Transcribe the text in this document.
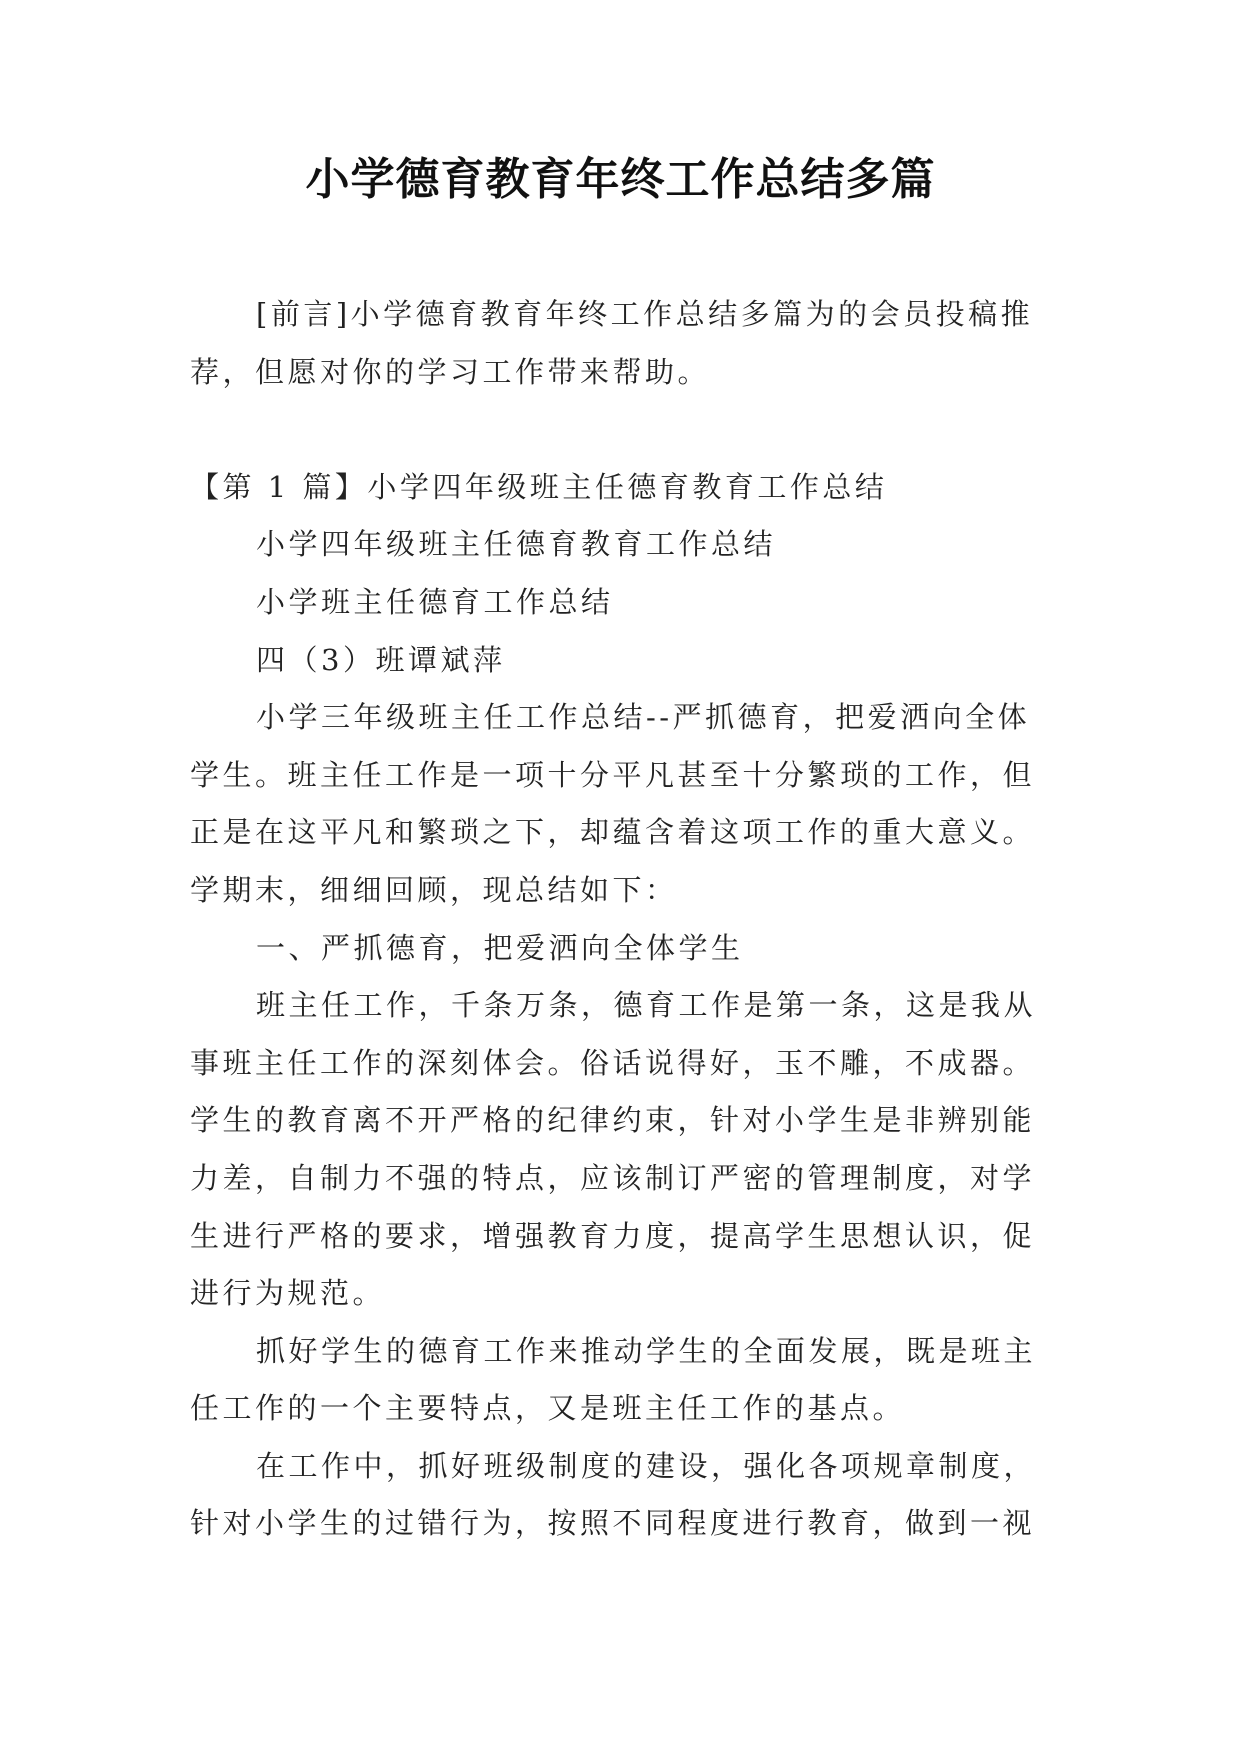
小学德育教育年终工作总结多篇

[前言]小学德育教育年终工作总结多篇为的会员投稿推荐，但愿对你的学习工作带来帮助。

【第 1 篇】小学四年级班主任德育教育工作总结

小学四年级班主任德育教育工作总结

小学班主任德育工作总结

四（3）班谭斌萍

小学三年级班主任工作总结--严抓德育，把爱洒向全体学生。班主任工作是一项十分平凡甚至十分繁琐的工作，但正是在这平凡和繁琐之下，却蕴含着这项工作的重大意义。学期末，细细回顾，现总结如下：

一、严抓德育，把爱洒向全体学生

班主任工作，千条万条，德育工作是第一条，这是我从事班主任工作的深刻体会。俗话说得好，玉不雕，不成器。学生的教育离不开严格的纪律约束，针对小学生是非辨别能力差，自制力不强的特点，应该制订严密的管理制度，对学生进行严格的要求，增强教育力度，提高学生思想认识，促进行为规范。

抓好学生的德育工作来推动学生的全面发展，既是班主任工作的一个主要特点，又是班主任工作的基点。

在工作中，抓好班级制度的建设，强化各项规章制度，针对小学生的过错行为，按照不同程度进行教育，做到一视
